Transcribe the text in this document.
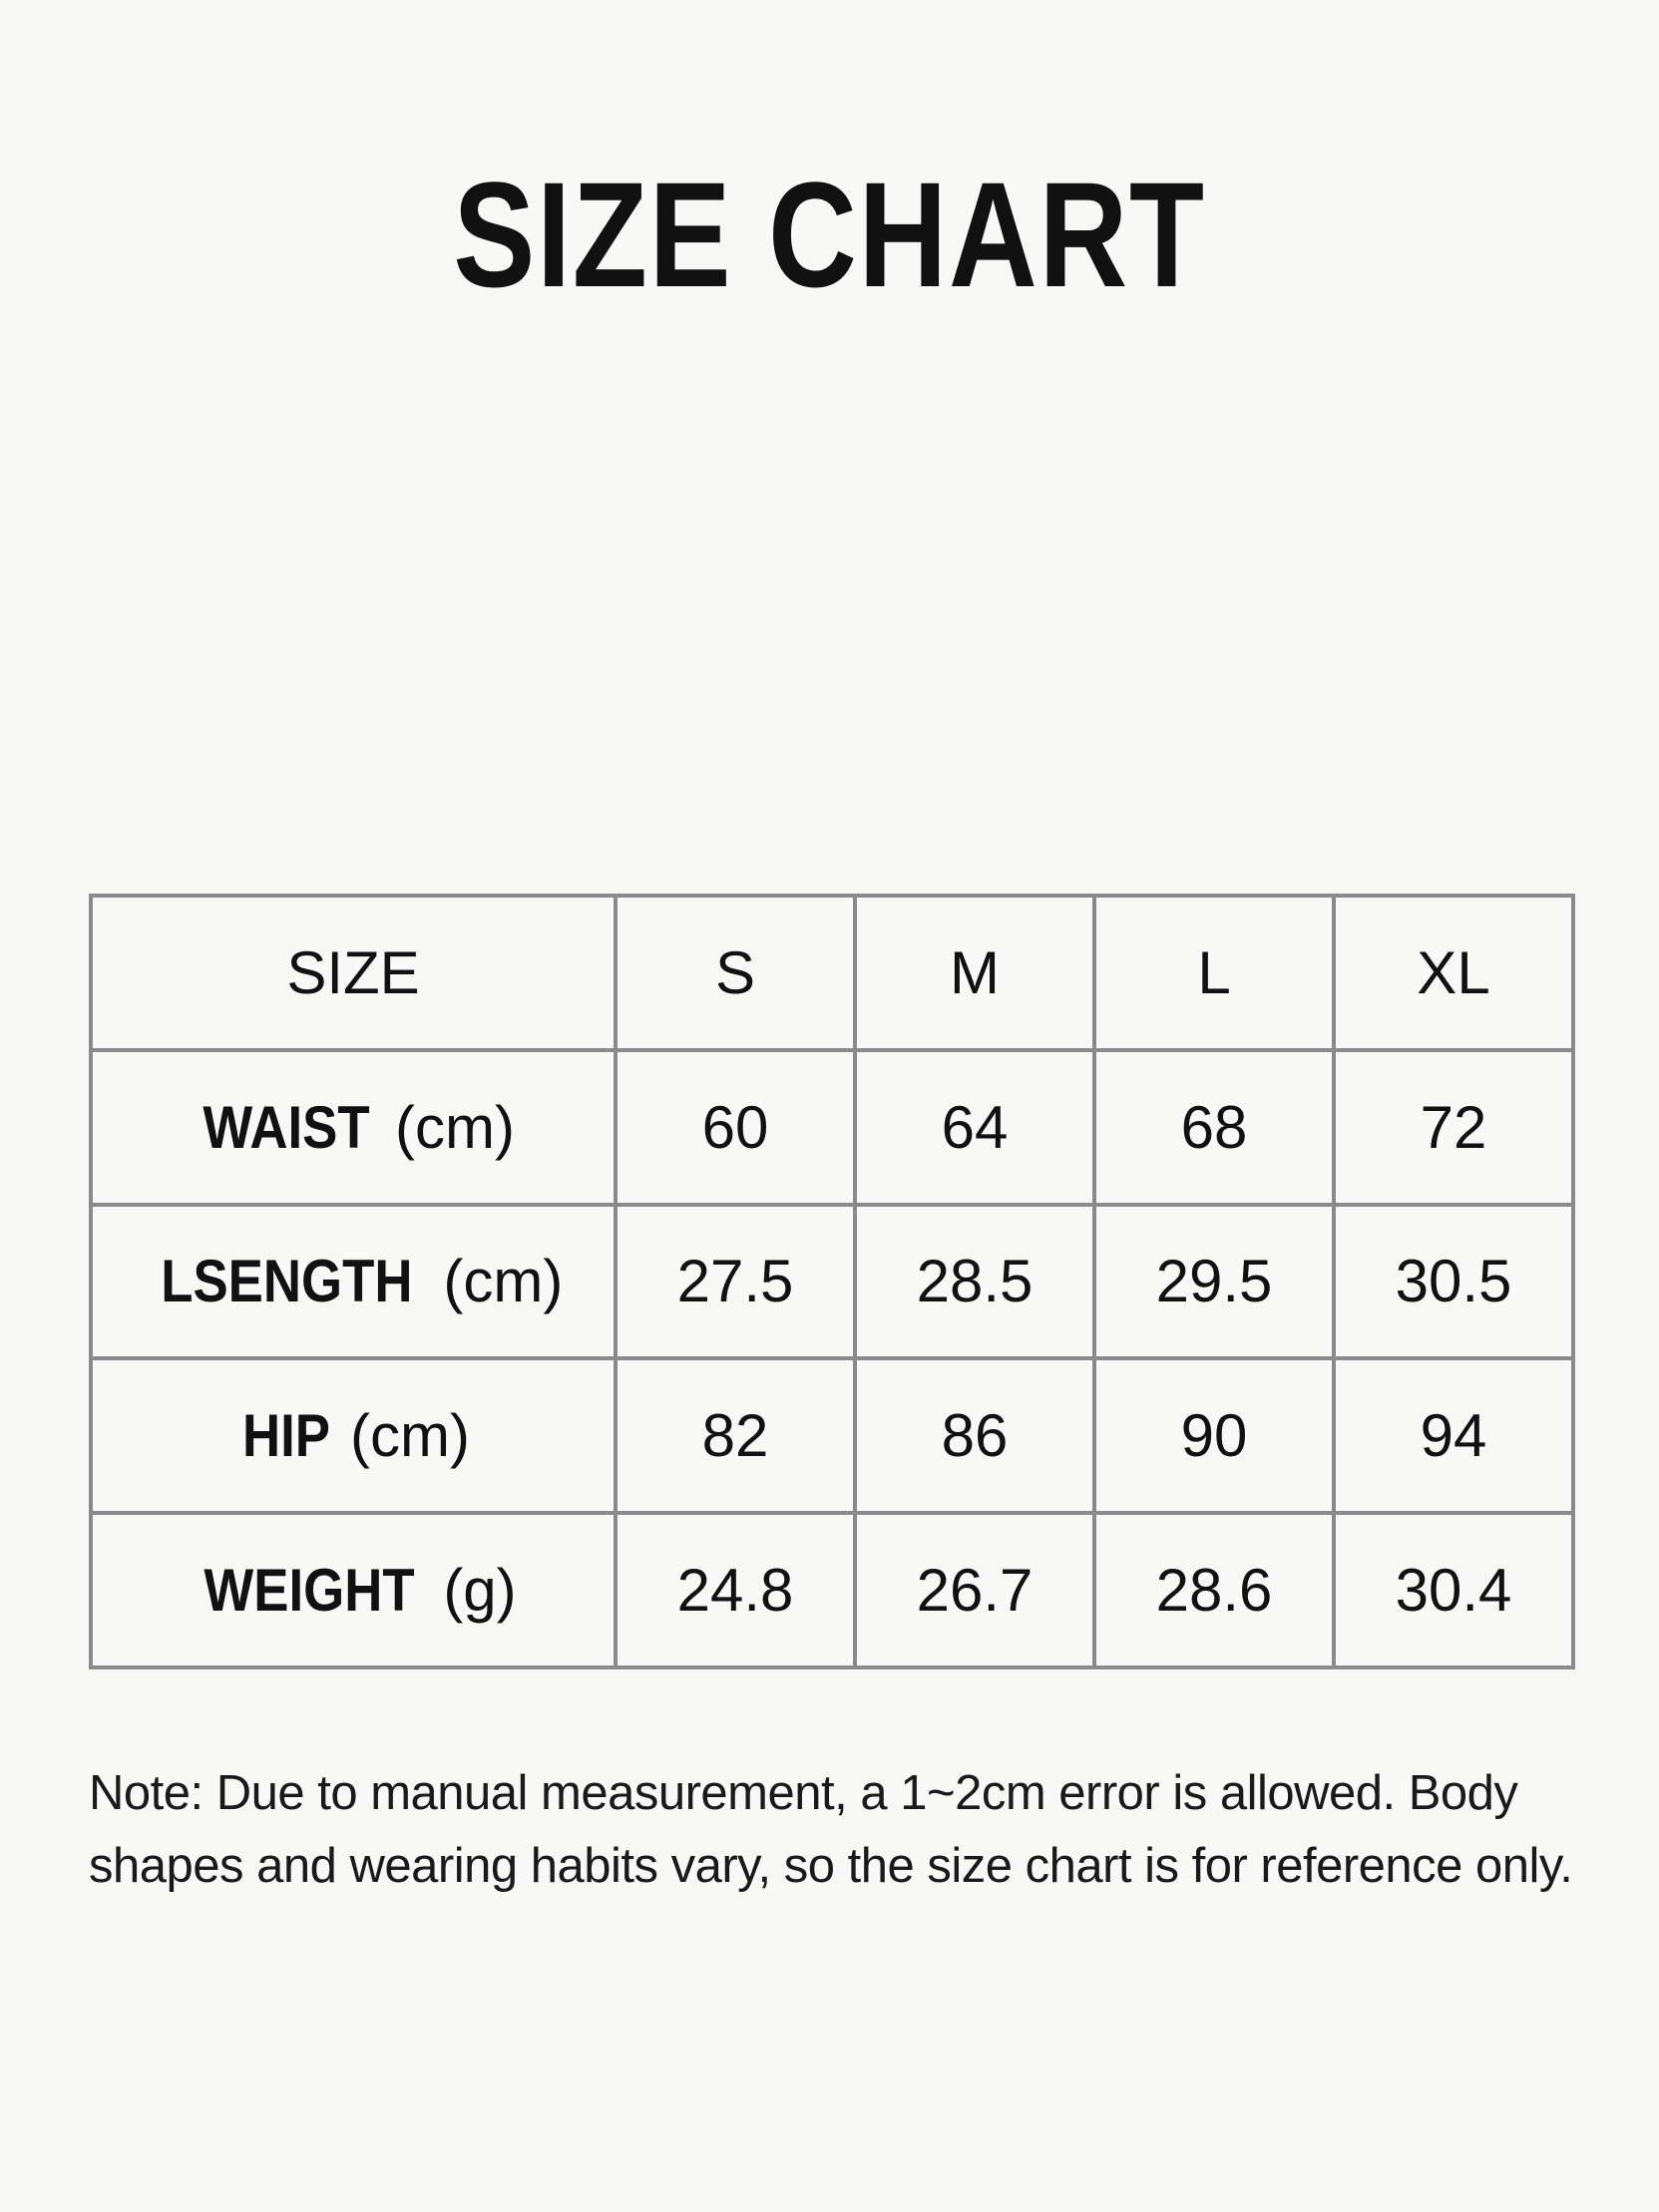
SIZE CHART
SIZE	S	M	L	XL
WAIST (cm)	60	64	68	72
LSENGTH (cm)	27.5	28.5	29.5	30.5
HIP (cm)	82	86	90	94
WEIGHT (g)	24.8	26.7	28.6	30.4

Note: Due to manual measurement, a 1~2cm error is allowed. Body shapes and wearing habits vary, so the size chart is for reference only.
